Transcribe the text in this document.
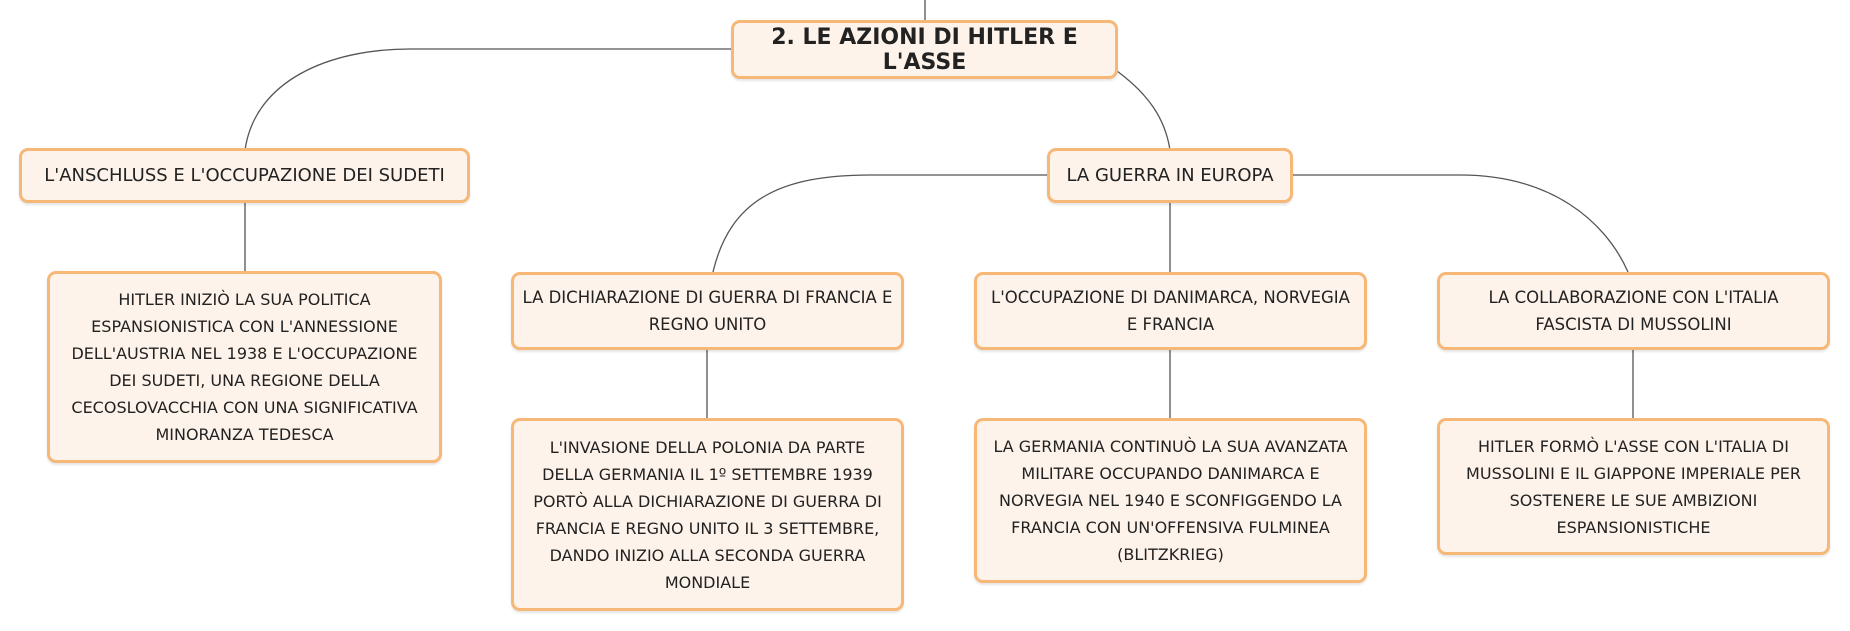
2. LE AZIONI DI HITLER E L'ASSE
L'ANSCHLUSS E L'OCCUPAZIONE DEI SUDETI	LA GUERRA IN EUROPA
HITLER INIZIÒ LA SUA POLITICA ESPANSIONISTICA CON L'ANNESSIONE DELL'AUSTRIA NEL 1938 E L'OCCUPAZIONE DEI SUDETI, UNA REGIONE DELLA CECOSLOVACCHIA CON UNA SIGNIFICATIVA MINORANZA TEDESCA
LA DICHIARAZIONE DI GUERRA DI FRANCIA E REGNO UNITO
L'OCCUPAZIONE DI DANIMARCA, NORVEGIA E FRANCIA
LA COLLABORAZIONE CON L'ITALIA FASCISTA DI MUSSOLINI
L'INVASIONE DELLA POLONIA DA PARTE DELLA GERMANIA IL 1º SETTEMBRE 1939 PORTÒ ALLA DICHIARAZIONE DI GUERRA DI FRANCIA E REGNO UNITO IL 3 SETTEMBRE, DANDO INIZIO ALLA SECONDA GUERRA MONDIALE
LA GERMANIA CONTINUÒ LA SUA AVANZATA MILITARE OCCUPANDO DANIMARCA E NORVEGIA NEL 1940 E SCONFIGGENDO LA FRANCIA CON UN'OFFENSIVA FULMINEA (BLITZKRIEG)
HITLER FORMÒ L'ASSE CON L'ITALIA DI MUSSOLINI E IL GIAPPONE IMPERIALE PER SOSTENERE LE SUE AMBIZIONI ESPANSIONISTICHE
